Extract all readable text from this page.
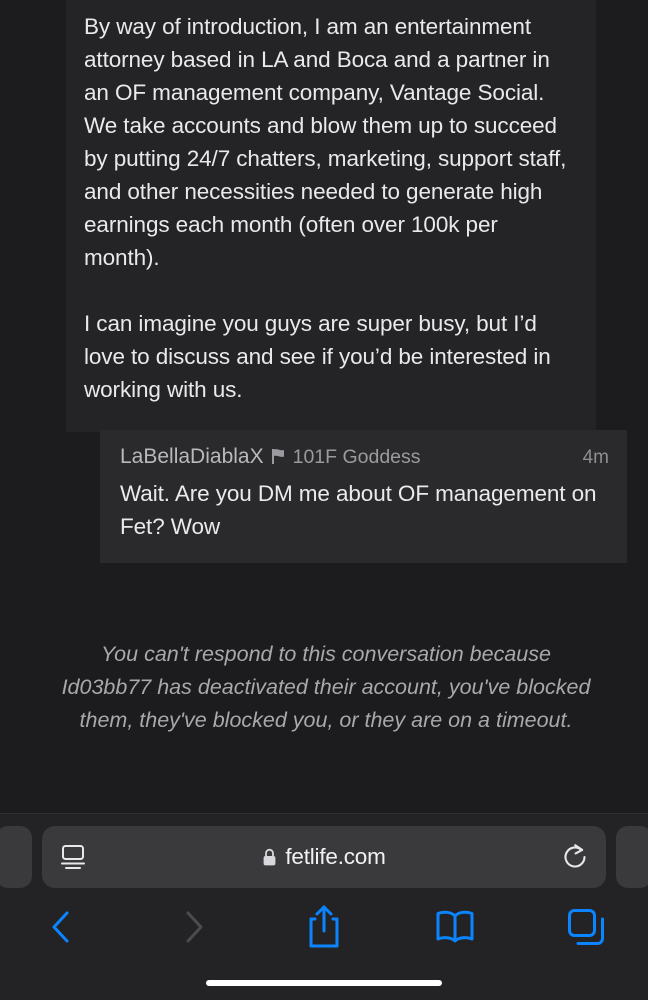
By way of introduction, I am an entertainment attorney based in LA and Boca and a partner in an OF management company, Vantage Social. We take accounts and blow them up to succeed by putting 24/7 chatters, marketing, support staff, and other necessities needed to generate high earnings each month (often over 100k per month).

I can imagine you guys are super busy, but I’d love to discuss and see if you’d be interested in working with us.

LaBellaDiablaX 101F Goddess	4m

Wait. Are you DM me about OF management on Fet? Wow

You can't respond to this conversation because Id03bb77 has deactivated their account, you've blocked them, they've blocked you, or they are on a timeout.
fetlife.com
